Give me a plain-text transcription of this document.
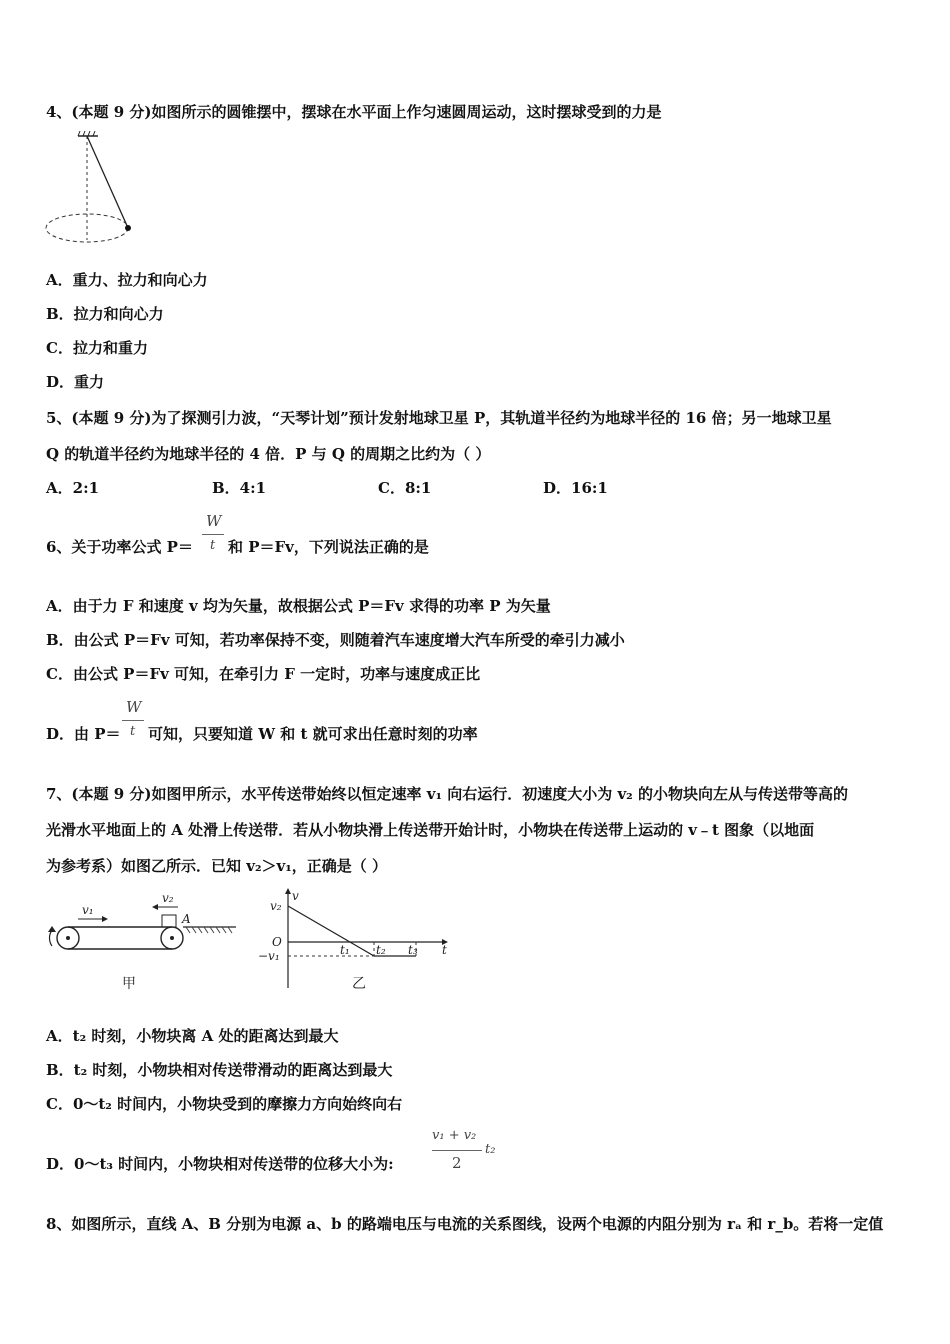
4、(本题 9 分)如图所示的圆锥摆中，摆球在水平面上作匀速圆周运动，这时摆球受到的力是
A．重力、拉力和向心力
B．拉力和向心力
C．拉力和重力
D．重力
5、(本题 9 分)为了探测引力波，“天琴计划”预计发射地球卫星 P，其轨道半径约为地球半径的 16 倍；另一地球卫星
Q 的轨道半径约为地球半径的 4 倍．P 与 Q 的周期之比约为（ ）
A．2:1	B．4:1	C．8:1	D．16:1
6、关于功率公式 P＝
W
t 和 P＝Fv，下列说法正确的是
A．由于力 F 和速度 v 均为矢量，故根据公式 P＝Fv 求得的功率 P 为矢量
B．由公式 P＝Fv 可知，若功率保持不变，则随着汽车速度增大汽车所受的牵引力减小
C．由公式 P＝Fv 可知，在牵引力 F 一定时，功率与速度成正比
D．由 P＝
W
t 可知，只要知道 W 和 t 就可求出任意时刻的功率
7、(本题 9 分)如图甲所示，水平传送带始终以恒定速率 v₁ 向右运行．初速度大小为 v₂ 的小物块向左从与传送带等高的
光滑水平地面上的 A 处滑上传送带．若从小物块滑上传送带开始计时，小物块在传送带上运动的 v﹣t 图象（以地面
为参考系）如图乙所示．已知 v₂＞v₁，正确是（ ）
v₁
v₂
A
甲
v
t
v₂
O
−v₁	t₁ t₂ t₃
乙
A．t₂ 时刻，小物块离 A 处的距离达到最大
B．t₂ 时刻，小物块相对传送带滑动的距离达到最大
C．0～t₂ 时间内，小物块受到的摩擦力方向始终向右
D．0～t₃ 时间内，小物块相对传送带的位移大小为:
v₁ + v₂
2
t₂
8、如图所示，直线 A、B 分别为电源 a、b 的路端电压与电流的关系图线，设两个电源的内阻分别为 rₐ 和 r_b。若将一定值
